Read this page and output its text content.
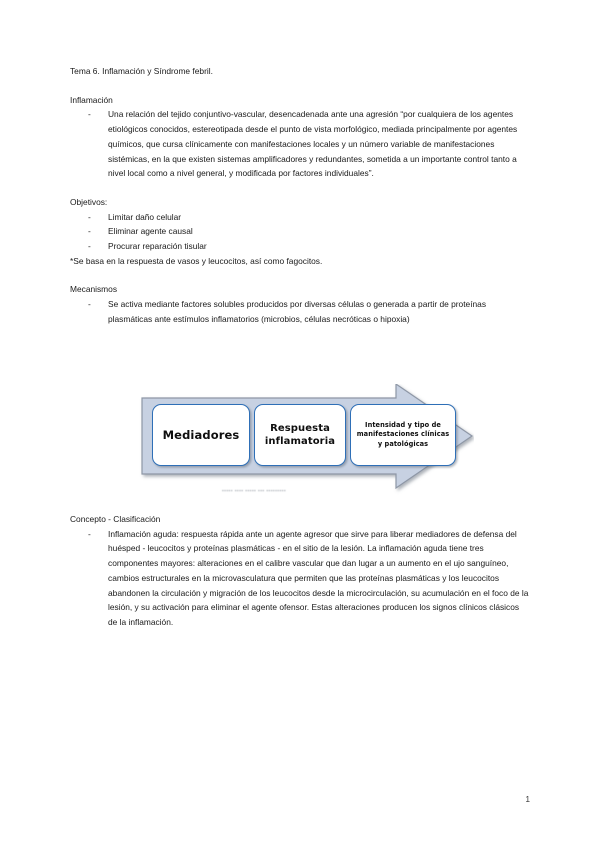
Tema 6. Inflamación y Síndrome febril.
Inflamación
-	Una relación del tejido conjuntivo-vascular, desencadenada ante una agresión “por cualquiera de los agentes etiológicos conocidos, estereotipada desde el punto de vista morfológico, mediada principalmente por agentes químicos, que cursa clínicamente con manifestaciones locales y un número variable de manifestaciones sistémicas, en la que existen sistemas amplificadores y redundantes, sometida a un importante control tanto a nivel local como a nivel general, y modificada por factores individuales”.
Objetivos:
-	Limitar daño celular
-	Eliminar agente causal
-	Procurar reparación tisular
*Se basa en la respuesta de vasos y leucocitos, así como fagocitos.
Mecanismos
-	Se activa mediante factores solubles producidos por diversas células o generada a partir de proteínas plasmáticas ante estímulos inflamatorios (microbios, células necróticas o hipoxia)
Mediadores	Respuesta inflamatoria
Intensidad y tipo de manifestaciones clínicas y patológicas
▪▪▪▪▪ ▪▪▪▪ ▪▪▪▪▪ ▪▪▪ ▪▪▪▪▪▪▪▪▪
Concepto - Clasificación
-	Inflamación aguda: respuesta rápida ante un agente agresor que sirve para liberar mediadores de defensa del huésped - leucocitos y proteínas plasmáticas - en el sitio de la lesión. La inflamación aguda tiene tres componentes mayores: alteraciones en el calibre vascular que dan lugar a un aumento en el ujo sanguíneo, cambios estructurales en la microvasculatura que permiten que las proteínas plasmáticas y los leucocitos abandonen la circulación y migración de los leucocitos desde la microcirculación, su acumulación en el foco de la lesión, y su activación para eliminar el agente ofensor. Estas alteraciones producen los signos clínicos clásicos de la inflamación.
1
